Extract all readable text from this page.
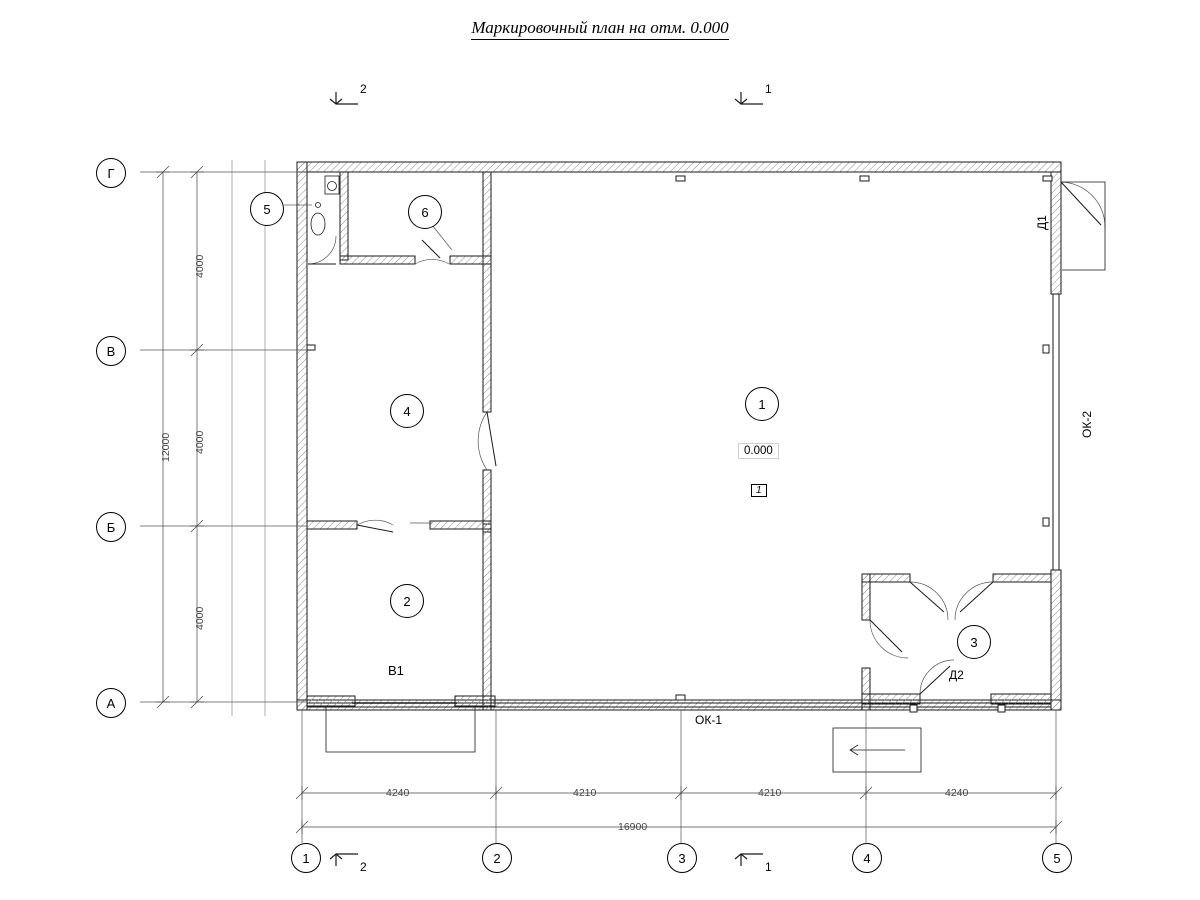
Маркировочный план на отм. 0.000
Г
В
Б
А
1	2	3	4	5
1
2
3
4
5	6
2	1
2	1
4000
4000
4000
12000
4240	4210	4210	4240
16900
0.000
1
ОК-1
ОК-2
Д1
Д2
В1
